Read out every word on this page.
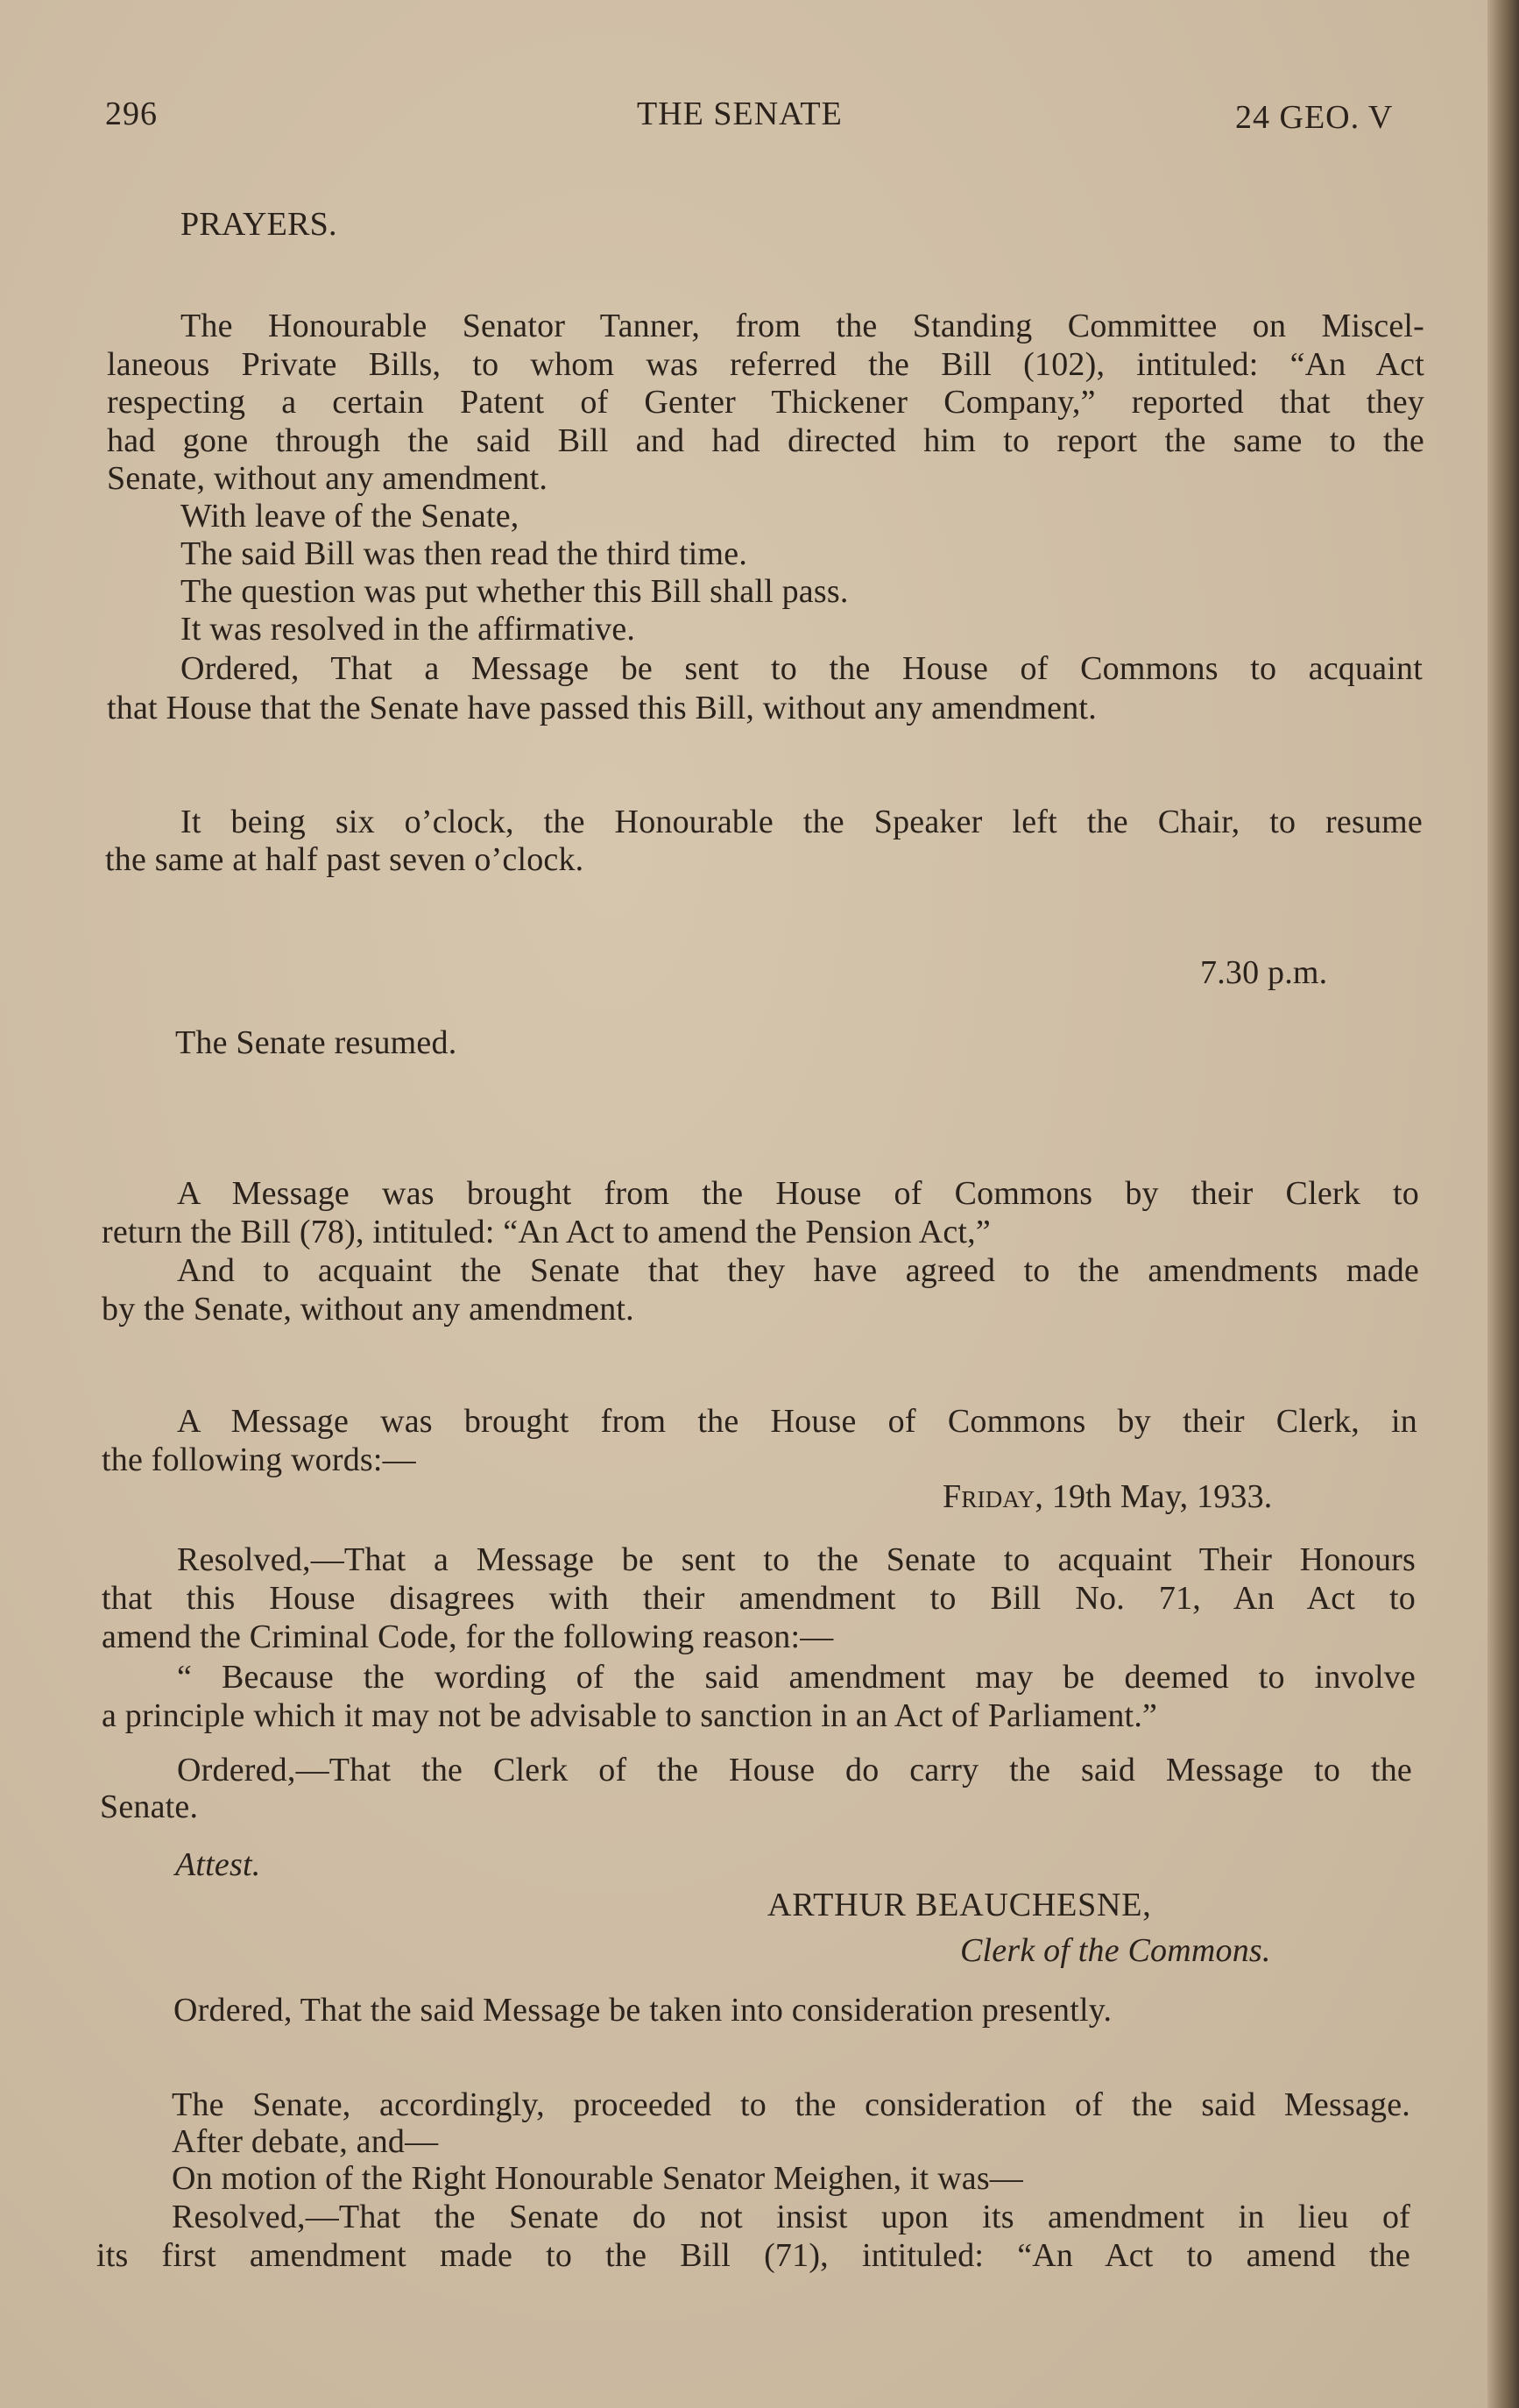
296	THE SENATE	24 GEO. V
PRAYERS.
The Honourable Senator Tanner, from the Standing Committee on Miscel-
laneous Private Bills, to whom was referred the Bill (102), intituled: “An Act
respecting a certain Patent of Genter Thickener Company,” reported that they
had gone through the said Bill and had directed him to report the same to the
Senate, without any amendment.
With leave of the Senate,
The said Bill was then read the third time.
The question was put whether this Bill shall pass.
It was resolved in the affirmative.
Ordered, That a Message be sent to the House of Commons to acquaint
that House that the Senate have passed this Bill, without any amendment.
It being six o’clock, the Honourable the Speaker left the Chair, to resume
the same at half past seven o’clock.
7.30 p.m.
The Senate resumed.
A Message was brought from the House of Commons by their Clerk to
return the Bill (78), intituled: “An Act to amend the Pension Act,”
And to acquaint the Senate that they have agreed to the amendments made
by the Senate, without any amendment.
A Message was brought from the House of Commons by their Clerk, in
the following words:—
Friday, 19th May, 1933.
Resolved,—That a Message be sent to the Senate to acquaint Their Honours
that this House disagrees with their amendment to Bill No. 71, An Act to
amend the Criminal Code, for the following reason:—
“ Because the wording of the said amendment may be deemed to involve
a principle which it may not be advisable to sanction in an Act of Parliament.”
Ordered,—That the Clerk of the House do carry the said Message to the
Senate.
Attest.
ARTHUR BEAUCHESNE,
Clerk of the Commons.
Ordered, That the said Message be taken into consideration presently.
The Senate, accordingly, proceeded to the consideration of the said Message.
After debate, and—
On motion of the Right Honourable Senator Meighen, it was—
Resolved,—That the Senate do not insist upon its amendment in lieu of
its first amendment made to the Bill (71), intituled: “An Act to amend the
